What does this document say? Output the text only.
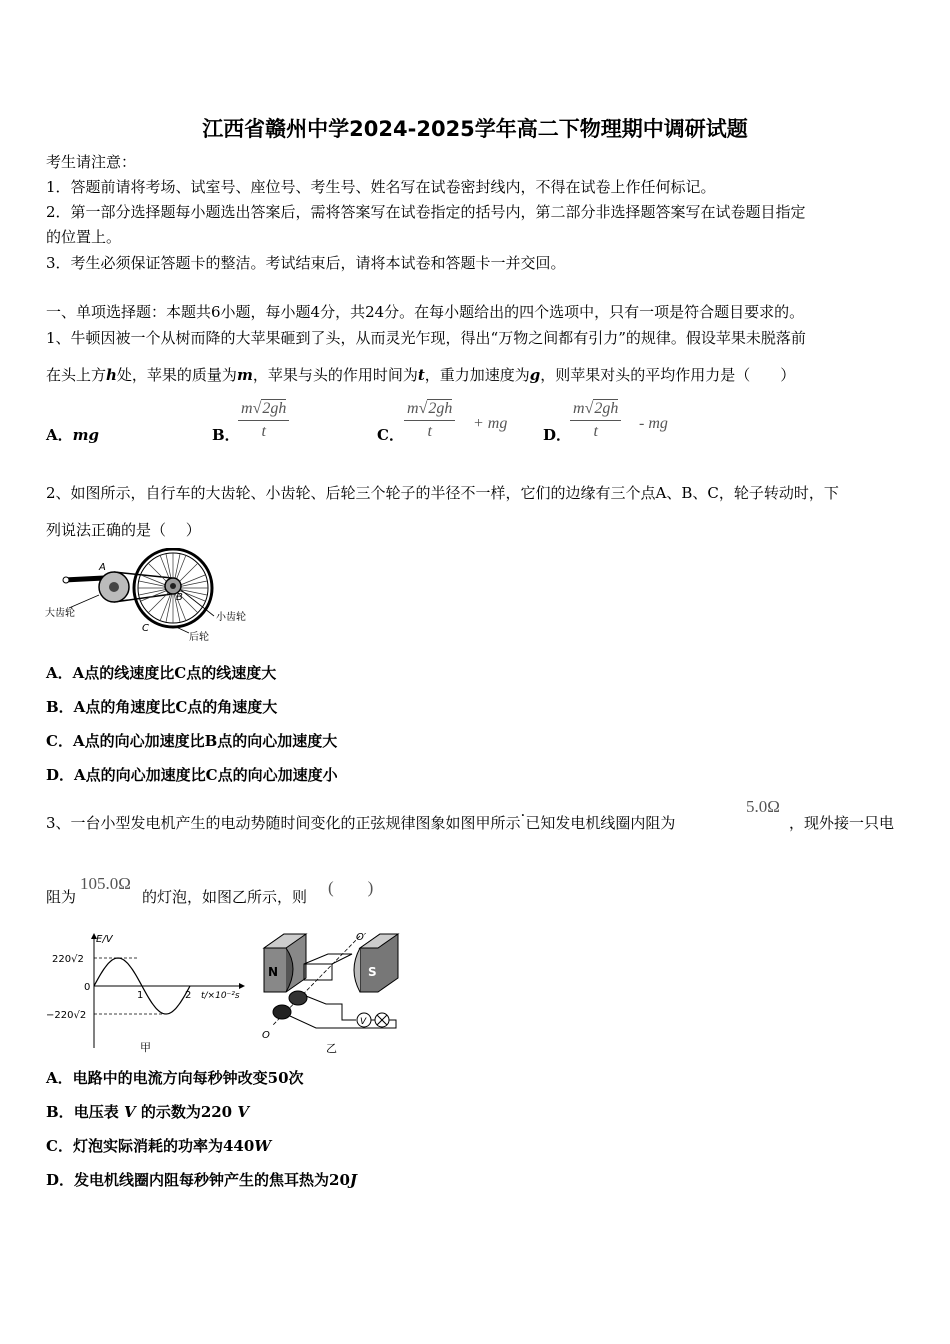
江西省赣州中学2024-2025学年高二下物理期中调研试题
考生请注意：
1．答题前请将考场、试室号、座位号、考生号、姓名写在试卷密封线内，不得在试卷上作任何标记。
2．第一部分选择题每小题选出答案后，需将答案写在试卷指定的括号内，第二部分非选择题答案写在试卷题目指定
的位置上。
3．考生必须保证答题卡的整洁。考试结束后，请将本试卷和答题卡一并交回。
一、单项选择题：本题共6小题，每小题4分，共24分。在每小题给出的四个选项中，只有一项是符合题目要求的。
1、牛顿因被一个从树而降的大苹果砸到了头，从而灵光乍现，得出“万物之间都有引力”的规律。假设苹果未脱落前
在头上方h处，苹果的质量为m，苹果与头的作用时间为t，重力加速度为g，则苹果对头的平均作用力是（　　）
A．mg	B．
$\frac{m√2gh}{t}$	C． $\frac{m√2gh}{t}$ + mg
D．
$\frac{m√2gh}{t}$ - mg
2、如图所示，自行车的大齿轮、小齿轮、后轮三个轮子的半径不一样，它们的边缘有三个点A、B、C，轮子转动时，下
列说法正确的是（　 ）
A
B
C
大齿轮	小齿轮
后轮
A．A点的线速度比C点的线速度大
B．A点的角速度比C点的角速度大
C．A点的向心加速度比B点的向心加速度大
D．A点的向心加速度比C点的向心加速度小
3、一台小型发电机产生的电动势随时间变化的正弦规律图象如图甲所示·已知发电机线圈内阻为
5.0Ω
，现外接一只电
阻为
105.0Ω
的灯泡，如图乙所示，则 (　　)
E/V
220√2
0
−220√2
1	2 t/×10⁻²s
甲
N	S
O′
O
V
乙
A．电路中的电流方向每秒钟改变50次
B．电压表 V 的示数为220 V
C．灯泡实际消耗的功率为440W
D．发电机线圈内阻每秒钟产生的焦耳热为20J
